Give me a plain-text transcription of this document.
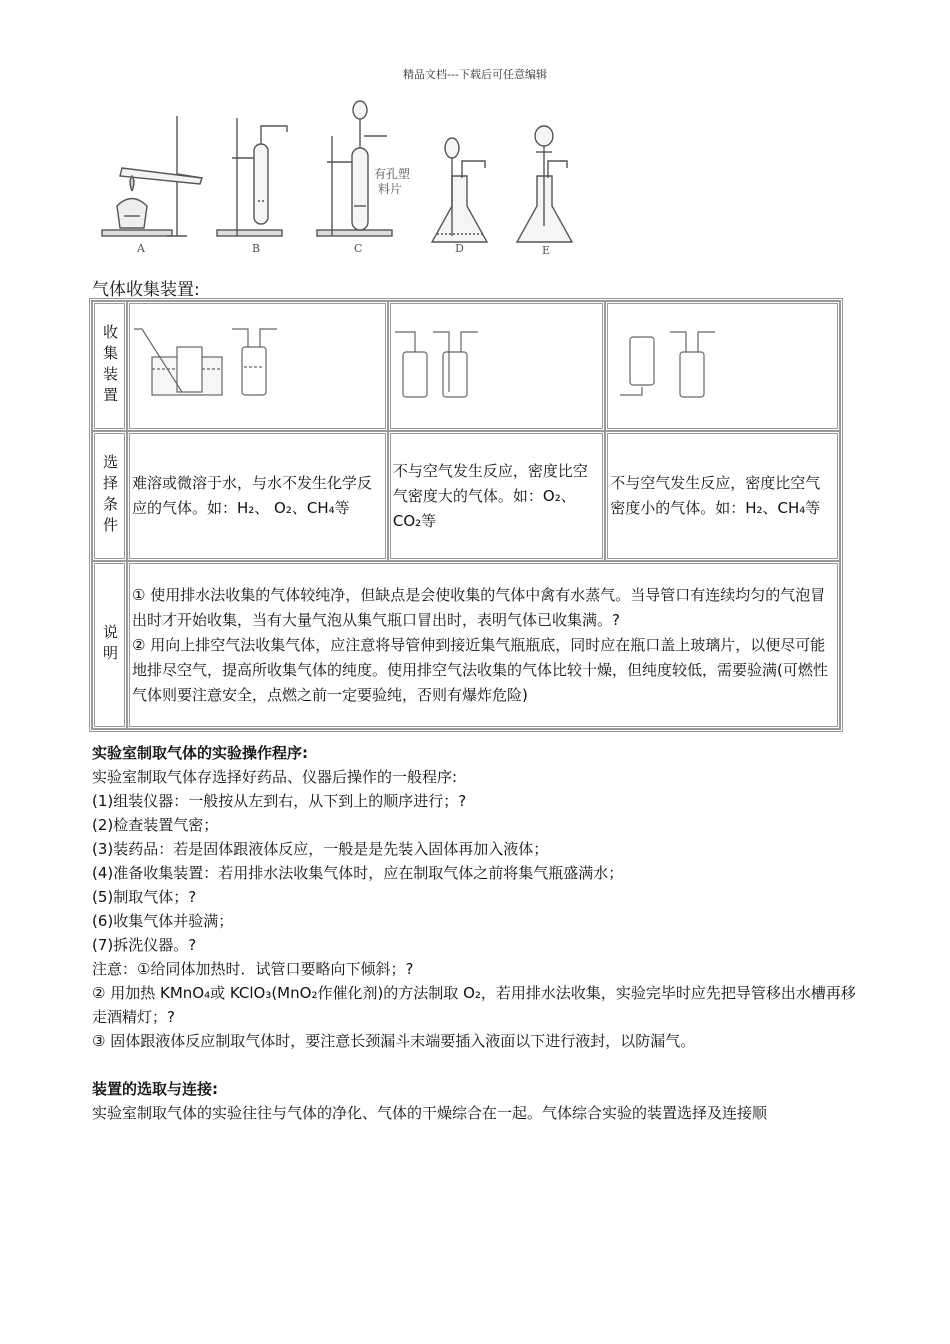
精品文档---下载后可任意编辑
A	B	C	D	E
有孔塑
料片
气体收集装置:
收集装置			
选择条件	难溶或微溶于水，与水不发生化学反应的气体。如：H₂、 O₂、CH₄等	不与空气发生反应，密度比空气密度大的气体。如：O₂、CO₂等	不与空气发生反应，密度比空气密度小的气体。如：H₂、CH₄等
说明	① 使用排水法收集的气体较纯净，但缺点是会使收集的气体中禽有水蒸气。当导管口有连续均匀的气泡冒出时才开始收集，当有大量气泡从集气瓶口冒出时，表明气体已收集满。?
② 用向上排空气法收集气体，应注意将导管伸到接近集气瓶瓶底，同时应在瓶口盖上玻璃片，以便尽可能地排尽空气，提高所收集气体的纯度。使用排空气法收集的气体比较十燥，但纯度较低，需要验满(可燃性气体则要注意安全，点燃之前一定要验纯，否则有爆炸危险)		
实验室制取气体的实验操作程序:
实验室制取气体存选择好药品、仪器后操作的一般程序:
(1)组装仪器：一般按从左到右，从下到上的顺序进行；?
(2)检查装置气密；
(3)装药品：若是固体跟液体反应，一般是是先装入固体再加入液体；
(4)准备收集装置：若用排水法收集气体时，应在制取气体之前将集气瓶盛满水；
(5)制取气体；?
(6)收集气体并验满；
(7)拆洗仪器。?
注意：①给同体加热时．试管口要略向下倾斜；?
② 用加热 KMnO₄或 KClO₃(MnO₂作催化剂)的方法制取 O₂，若用排水法收集，实验完毕时应先把导管移出水槽再移走酒精灯；?
③ 固体跟液体反应制取气体时，要注意长颈漏斗末端要插入液面以下进行液封，以防漏气。
装置的选取与连接:
实验室制取气体的实验往往与气体的净化、气体的干燥综合在一起。气体综合实验的装置选择及连接顺
